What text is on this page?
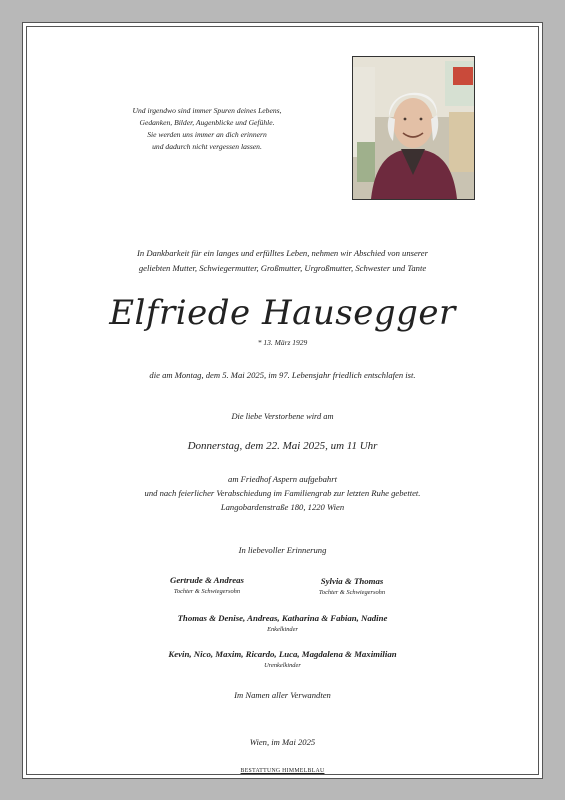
Und irgendwo sind immer Spuren deines Lebens,
Gedanken, Bilder, Augenblicke und Gefühle.
Sie werden uns immer an dich erinnern
und dadurch nicht vergessen lassen.
In Dankbarkeit für ein langes und erfülltes Leben, nehmen wir Abschied von unserer
geliebten Mutter, Schwiegermutter, Großmutter, Urgroßmutter, Schwester und Tante
Elfriede Hausegger
* 13. März 1929
die am Montag, dem 5. Mai 2025, im 97. Lebensjahr friedlich entschlafen ist.
Die liebe Verstorbene wird am
Donnerstag, dem 22. Mai 2025, um 11 Uhr
am Friedhof Aspern aufgebahrt
und nach feierlicher Verabschiedung im Familiengrab zur letzten Ruhe gebettet.
Langobardenstraße 180, 1220 Wien
In liebevoller Erinnerung
Gertrude & Andreas
Tochter & Schwiegersohn
Sylvia & Thomas
Tochter & Schwiegersohn
Thomas & Denise, Andreas, Katharina & Fabian, Nadine
Enkelkinder
Kevin, Nico, Maxim, Ricardo, Luca, Magdalena & Maximilian
Urenkelkinder
Im Namen aller Verwandten
Wien, im Mai 2025
BESTATTUNG HIMMELBLAU
